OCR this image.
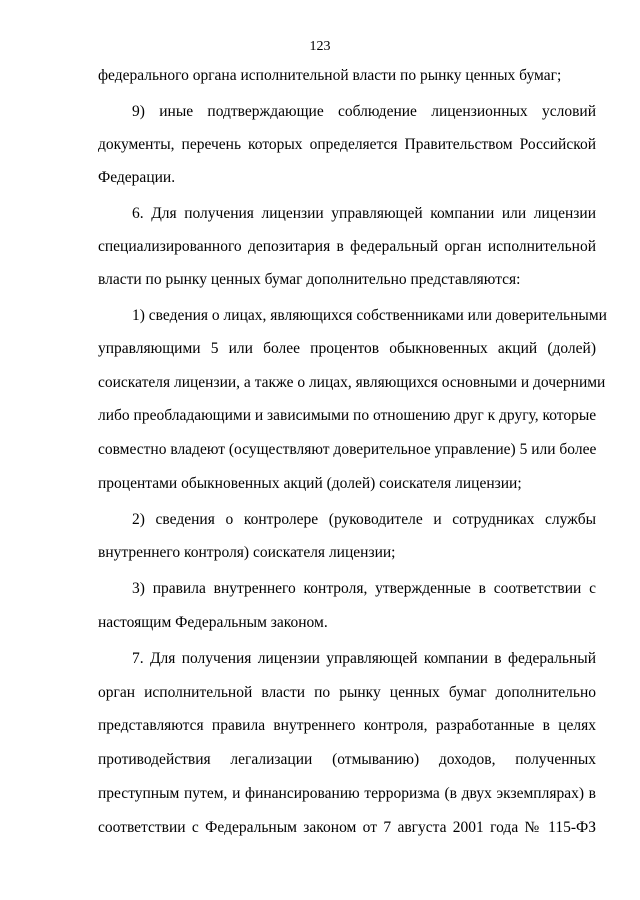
123
федерального органа исполнительной власти по рынку ценных бумаг;
9) иные подтверждающие соблюдение лицензионных условий
документы, перечень которых определяется Правительством Российской
Федерации.
6. Для получения лицензии управляющей компании или лицензии
специализированного депозитария в федеральный орган исполнительной
власти по рынку ценных бумаг дополнительно представляются:
1) сведения о лицах, являющихся собственниками или доверительными
управляющими 5 или более процентов обыкновенных акций (долей)
соискателя лицензии, а также о лицах, являющихся основными и дочерними
либо преобладающими и зависимыми по отношению друг к другу, которые
совместно владеют (осуществляют доверительное управление) 5 или более
процентами обыкновенных акций (долей) соискателя лицензии;
2) сведения о контролере (руководителе и сотрудниках службы
внутреннего контроля) соискателя лицензии;
3) правила внутреннего контроля, утвержденные в соответствии с
настоящим Федеральным законом.
7. Для получения лицензии управляющей компании в федеральный
орган исполнительной власти по рынку ценных бумаг дополнительно
представляются правила внутреннего контроля, разработанные в целях
противодействия легализации (отмыванию) доходов, полученных
преступным путем, и финансированию терроризма (в двух экземплярах) в
соответствии с Федеральным законом от 7 августа 2001 года № 115-ФЗ
